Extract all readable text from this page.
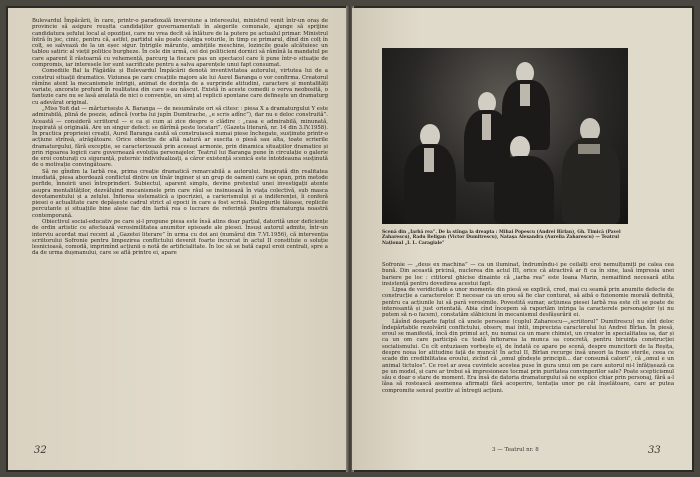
Bulevardul Împăcării, în care, printr-o paradoxală inversiune a interesului, ministrul venit într-un oraș de provincie să asigure reușita candidaților guvernamentali în alegerile comunale, ajunge să sprijine candidatura șefului local al opoziției, care nu vrea decît să înlăture de la putere pe actualul primar. Ministrul întră în joc, cinic, pentru că, astfel, partidul său poate câștiga voturile, în timp ce primarul, dînd din colț în colț, se salvează de la un eșec sigur. Intrigile mărunte, ambițiile meschine, lozincile goale alcătuiesc un tablou satiric al vieții politice burgheze. În cele din urmă, cei doi politicieni dornici să rămînă la mandatul pe care aparent îl răstoarnă cu vehemență, parcurg la fiecare pas un spectacol care îi pune într-o situație de compromis, iar interesele lor sunt sacrificate pentru a salva aparențele unui fapt consumat.

Comediile Bal la Făgădău și Bulevardul Împăcării denotă inventivitatea autorului, virtutea lui de a construi situații dramatice. Viziunea pe care creațiile majore ale lui Aurel Baranga o vor confirma. Creatorul rămîne atent la mecanismele intrigii, animat de dorința de a surprinde atitudini, caractere și mentalități variate, ancorate profund în realitatea din care s-au născut. Există în aceste comedii o verva neobosită, o fantezie care nu se lasă anulată de nici o convenție, un simț al replicii spontane care definește un dramaturg cu adevărat original.

„Miss Yoit dat — mărturisește A. Baranga — de nesumărate ori să citesc : piesa X a dramaturgului Y este admirabilă, plină de poezie, adîncă (vorba lui jupîn Dumitrache, „e scris adînc”), dar nu e deloc construită”. Această — consideră scriitorul — e ca și cum ai zice despre o clădire : „casa e admirabilă, minunată, inspirată și originală. Are un singur defect: se dărîmă peste locatari”. (Gazeta literară, nr. 14 din 3.IV.1958). În practica proprieiei creații, Aurel Baranga caută să construiască numai piese închegate, susținute printr-o acțiune strînsă, atrăgătoare. Orice obiecție de altă natură ar suscita o piesă sau alta, toate scrierile dramaturgului, fără excepție, se caracterizează prin aceeași armonie, prin dinamica situațiilor dramatice și prin rigoarea logicii care guvernează evoluția personajelor. Teatrul lui Baranga pune în circulație o galerie de eroi conturați cu siguranță, puternic individualizați, a căror existență scenică este întotdeauna susținută de o motivație convingătoare.

Să ne gîndim la Iarbă rea, prima creație dramatică remarcabilă a autorului. Inspirată din realitatea imediată, piesa abordează conflictul dintre un tînăr inginer și un grup de oameni care se opun, prin metode perfide, înnoirii unei întreprinderi. Subiectul, aparent simplu, devine pretextul unei investigații atente asupra mentalităților, dezvăluind mecanismele prin care răul se insinuează în viața colectivă, sub masca devotamentului și a zelului. Înfierea sistematică a ipocriziei, a carierismului și a indiferenței, îi conferă piesei o actualitate care depășește cadrul strict al epocii în care a fost scrisă. Dialogurile tăioase, replicile percutante și situațiile bine alese fac din Iarbă rea o lucrare de referință pentru dramaturgia noastră contemporană.

Obiectivul social-educativ pe care și-l propune piesa este însă atins doar parțial, datorită unor deficiențe de ordin artistic ce afectează verosimilitatea anumitor episoade ale piesei. Însuși autorul admite, într-un interviu acordat mai recent al „Gazetei literare” în urma cu doi ani (numărul din 7.VI.1956), că intervenția scriitorului Sofronie pentru limpezirea conflictului devenit foarte încurcat în actul II constituie o soluție lesnicioasă, comodă, imprimînd acțiunii o notă de artificialitate. În loc să se bată capul eroii centrali, spre a da de urma dușmanului, care se află printre ei, apare

32
Scenă din „Iarbă rea”. De la stînga la dreapta : Mihai Popescu (Andrei Bîrlan), Gh. Timică (Pavel Zaharescu), Radu Beligan (Victor Dumitrescu), Natașa Alexandra (Aurelia Zaharescu) — Teatrul Național „I. L. Caragiale”

Sofronie — „deus ex machina” — ca un iluminat, îndrumîndu-i pe ceilalți eroi nemulțumiți pe calea cea bună. Din această pricină, nuclerea din actul III, orice că atractivă ar fi ca în sine, lasă impresia unei bariere pe loc : cititorul ghicise dinainte că „iarba rea” este Ioana Marin, nemaifiind necesară atîta insistență pentru dovedirea acestui fapt.

Lipsa de veridicitate a unor momente din piesă se explică, cred, mai cu seamă prin anumite defecte de construcție a caracterelor. E necesar ca un erou să fie clar conturat, să aibă o fizionomie morală definită, pentru ca acțiunile lui să pară verosimile. Povestită sumar, acțiunea piesei Iarbă rea este cît se poate de interesantă și just orientată. Abia cînd începem să raportăm intriga la caracterele personajelor (și nu putem să n-o facem), constatăm slăbiciuni în mecanismul desfășurării ei.

Lăsînd deoparte faptul că unele persoane (cuplul Zaharescu—„scriitorul” Dumitrescu) nu sînt deloc îndepărtabile rezolvării conflictului, observ, mai întîi, imprecizia caracterului lui Andrei Bîrlan. În piesă, eroul se manifestă, încă din primul act, nu numai ca un mare chimist, un creator în specialitatea sa, dar și ca un om care participă cu toată înfiorarea la munca sa concretă, pentru biruința construcției socialismului. Cu cît entuziasm vorbește el, de îndată ce apare pe scenă, despre muncitorii de la Reșița, despre noua lor atitudine față de muncă! În actul II, Bîrlan recurge însă uneori la fraze sterile, ceea ce scade din credibilitatea eroului, zicînd că „omul gîndește principii... dar consumă calorii”, că „omul e un animal tictulos”. Ce rost ar avea cuvintele acestea puse în gura unui om pe care autorul ni-l înfățișează ca pe un model, și care ar trebui să impresioneze tocmai prin puritatea convingerilor sale? Poate scepticismul său e doar o stare de moment. Era însă de datoria dramaturgului să ne explice chiar prin personaj, fără a-l lăsa să rostească asemenea afirmații fără acoperire, tentația unor pe căi înșelătoare, care ar putea compromite sensul pozitiv al întregii acțiuni.

3 — Teatrul nr. 8	33
